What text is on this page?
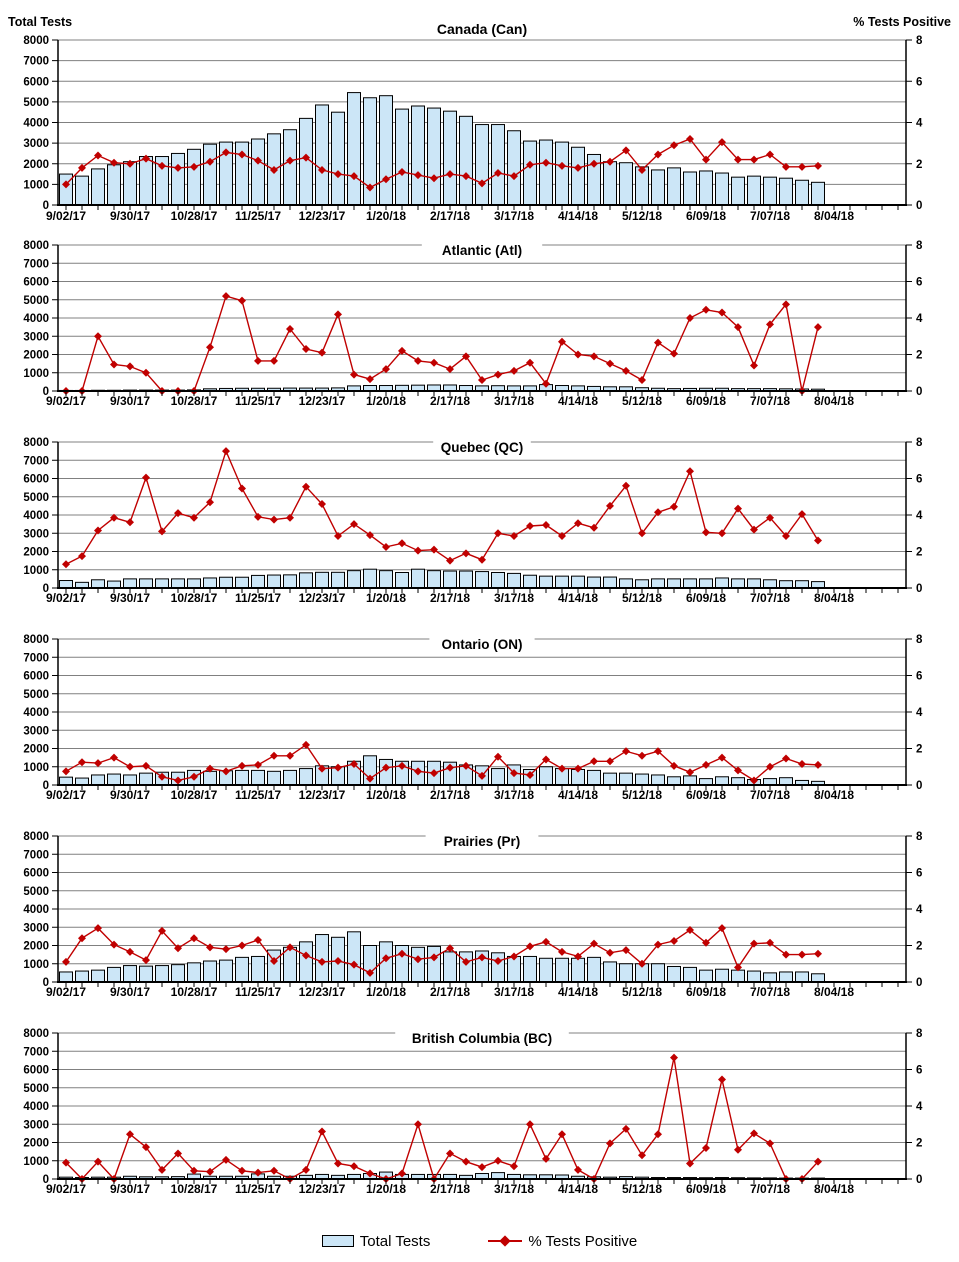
Canada (Can)
Total Tests	% Tests Positive
0
1000
2000
3000
4000
5000
6000
7000
8000
0
2
4
6
8
9/02/17 9/30/17 10/28/17 11/25/17 12/23/17 1/20/18 2/17/18 3/17/18 4/14/18 5/12/18 6/09/18 7/07/18 8/04/18
Atlantic (Atl)
0
1000
2000
3000
4000
5000
6000
7000
8000
0
2
4
6
8
9/02/17 9/30/17 10/28/17 11/25/17 12/23/17 1/20/18 2/17/18 3/17/18 4/14/18 5/12/18 6/09/18 7/07/18 8/04/18
Quebec (QC)
0
1000
2000
3000
4000
5000
6000
7000
8000
0
2
4
6
8
9/02/17 9/30/17 10/28/17 11/25/17 12/23/17 1/20/18 2/17/18 3/17/18 4/14/18 5/12/18 6/09/18 7/07/18 8/04/18
Ontario (ON)
0
1000
2000
3000
4000
5000
6000
7000
8000
0
2
4
6
8
9/02/17 9/30/17 10/28/17 11/25/17 12/23/17 1/20/18 2/17/18 3/17/18 4/14/18 5/12/18 6/09/18 7/07/18 8/04/18
Prairies (Pr)
0
1000
2000
3000
4000
5000
6000
7000
8000
0
2
4
6
8
9/02/17 9/30/17 10/28/17 11/25/17 12/23/17 1/20/18 2/17/18 3/17/18 4/14/18 5/12/18 6/09/18 7/07/18 8/04/18
British Columbia (BC)
0
1000
2000
3000
4000
5000
6000
7000
8000
0
2
4
6
8
9/02/17 9/30/17 10/28/17 11/25/17 12/23/17 1/20/18 2/17/18 3/17/18 4/14/18 5/12/18 6/09/18 7/07/18 8/04/18
Total Tests	% Tests Positive
